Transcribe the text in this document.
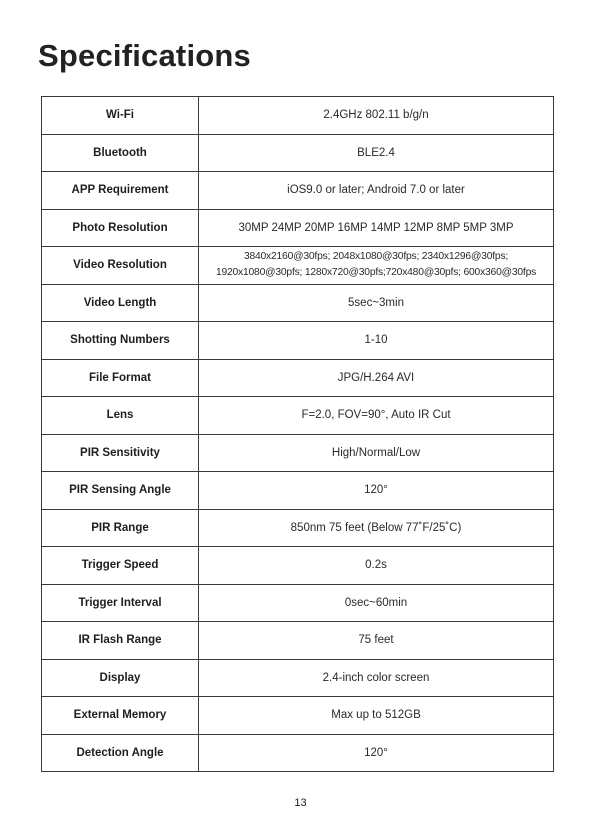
Specifications
Wi-Fi	2.4GHz 802.11 b/g/n

Bluetooth	BLE2.4

APP Requirement	iOS9.0 or later; Android 7.0 or later

Photo Resolution	30MP 24MP 20MP 16MP 14MP 12MP 8MP 5MP 3MP

Video Resolution	3840x2160@30fps; 2048x1080@30fps; 2340x1296@30fps;
1920x1080@30pfs; 1280x720@30pfs;720x480@30pfs; 600x360@30fps

Video Length	5sec~3min

Shotting Numbers	1-10

File Format	JPG/H.264 AVI

Lens	F=2.0, FOV=90°, Auto IR Cut

PIR Sensitivity	High/Normal/Low

PIR Sensing Angle	120°

PIR Range	850nm 75 feet (Below 77˚F/25˚C)

Trigger Speed	0.2s

Trigger Interval	0sec~60min

IR Flash Range	75 feet

Display	2.4-inch color screen

External Memory	Max up to 512GB

Detection Angle	120°
13
